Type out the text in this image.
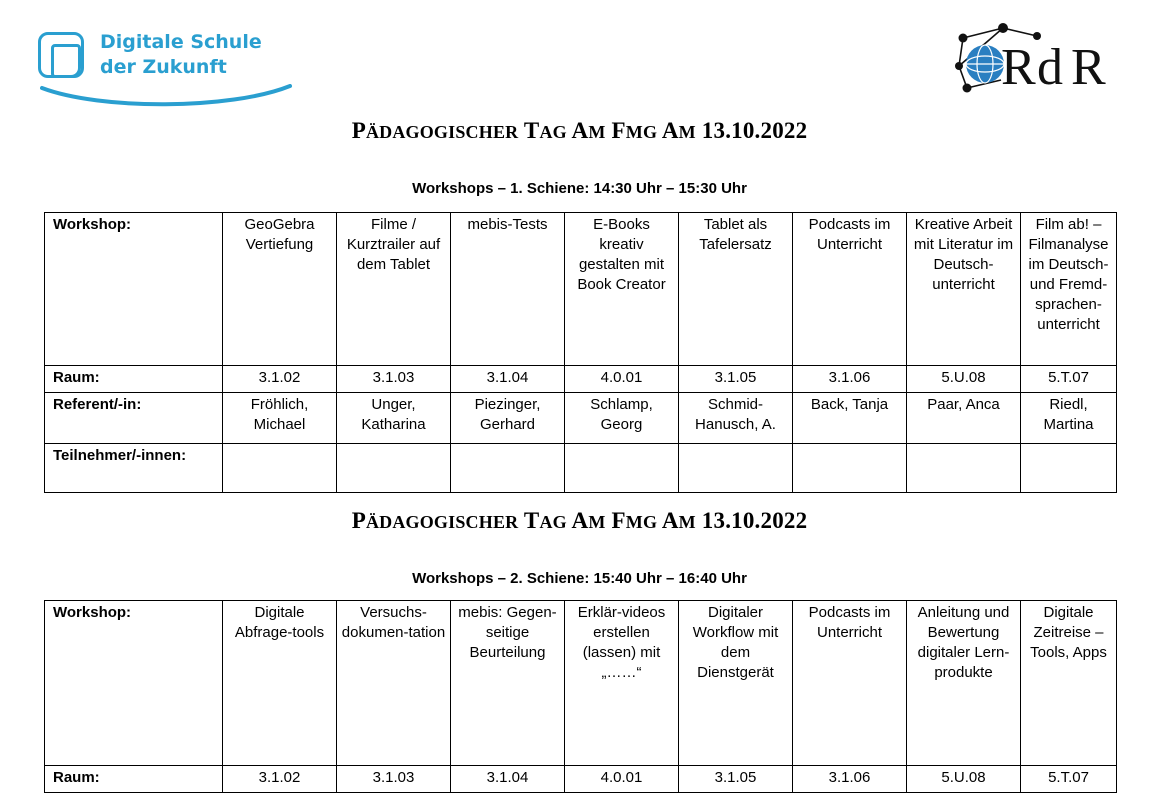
Digitale Schule
der Zukunft	R d R
PÄDAGOGISCHER TAG AM FMG AM 13.10.2022
Workshops – 1. Schiene: 14:30 Uhr – 15:30 Uhr
Workshop:	GeoGebra Vertiefung	Filme / Kurztrailer auf dem Tablet	mebis-Tests	E-Books kreativ gestalten mit Book Creator	Tablet als Tafelersatz	Podcasts im Unterricht	Kreative Arbeit mit Literatur im Deutsch-unterricht	Film ab! – Filmanalyse im Deutsch- und Fremd-sprachen-unterricht
Raum:	3.1.02	3.1.03	3.1.04	4.0.01	3.1.05	3.1.06	5.U.08	5.T.07
Referent/-in:	Fröhlich, Michael	Unger, Katharina	Piezinger, Gerhard	Schlamp, Georg	Schmid-Hanusch, A.	Back, Tanja	Paar, Anca	Riedl, Martina
Teilnehmer/-innen:								
PÄDAGOGISCHER TAG AM FMG AM 13.10.2022
Workshops – 2. Schiene: 15:40 Uhr – 16:40 Uhr
Workshop:	Digitale Abfrage-tools	Versuchs-dokumen-tation	mebis: Gegen-seitige Beurteilung	Erklär-videos erstellen (lassen) mit „……“	Digitaler Workflow mit dem Dienstgerät	Podcasts im Unterricht	Anleitung und Bewertung digitaler Lern-produkte	Digitale Zeitreise – Tools, Apps
Raum:	3.1.02	3.1.03	3.1.04	4.0.01	3.1.05	3.1.06	5.U.08	5.T.07
